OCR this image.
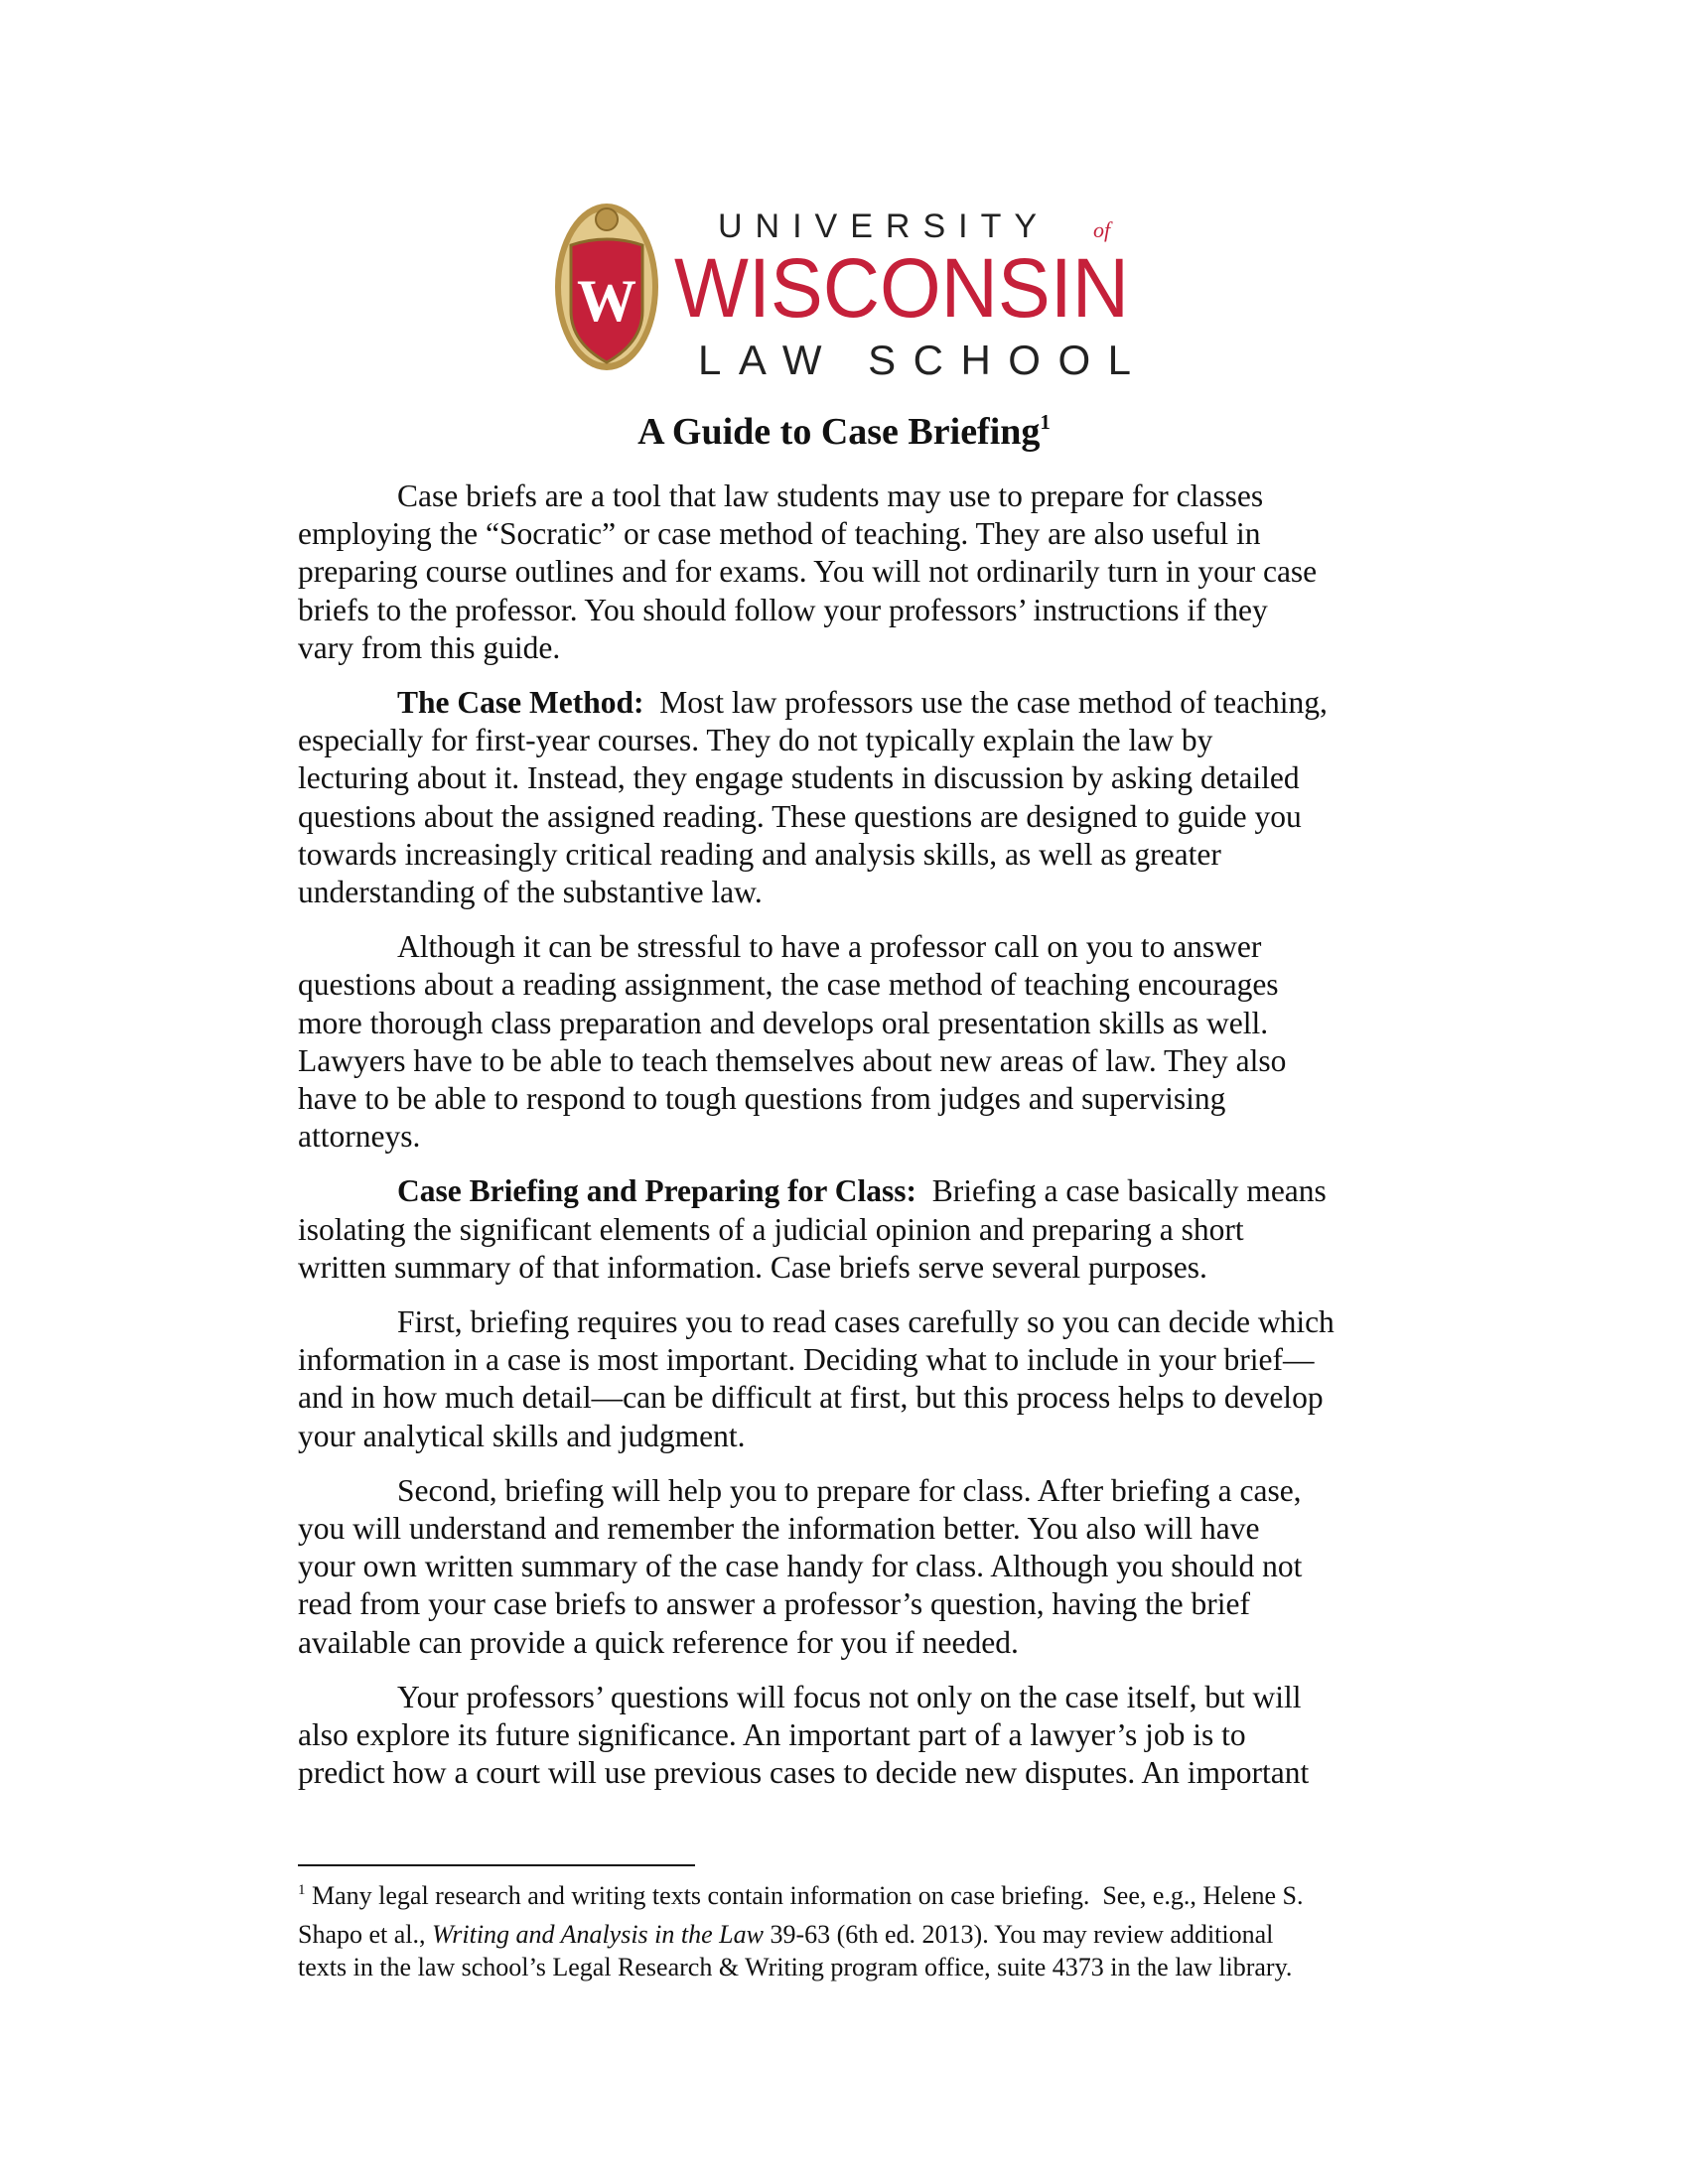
W
UNIVERSITY of
WISCONSIN
LAW SCHOOL
A Guide to Case Briefing$^1$

Case briefs are a tool that law students may use to prepare for classes
employing the “Socratic” or case method of teaching. They are also useful in
preparing course outlines and for exams. You will not ordinarily turn in your case
briefs to the professor. You should follow your professors’ instructions if they
vary from this guide.

The Case Method:  Most law professors use the case method of teaching,
especially for first-year courses. They do not typically explain the law by
lecturing about it. Instead, they engage students in discussion by asking detailed
questions about the assigned reading. These questions are designed to guide you
towards increasingly critical reading and analysis skills, as well as greater
understanding of the substantive law.

Although it can be stressful to have a professor call on you to answer
questions about a reading assignment, the case method of teaching encourages
more thorough class preparation and develops oral presentation skills as well.
Lawyers have to be able to teach themselves about new areas of law. They also
have to be able to respond to tough questions from judges and supervising
attorneys.

Case Briefing and Preparing for Class:  Briefing a case basically means
isolating the significant elements of a judicial opinion and preparing a short
written summary of that information. Case briefs serve several purposes.

First, briefing requires you to read cases carefully so you can decide which
information in a case is most important. Deciding what to include in your brief—
and in how much detail—can be difficult at first, but this process helps to develop
your analytical skills and judgment.

Second, briefing will help you to prepare for class. After briefing a case,
you will understand and remember the information better. You also will have
your own written summary of the case handy for class. Although you should not
read from your case briefs to answer a professor’s question, having the brief
available can provide a quick reference for you if needed.

Your professors’ questions will focus not only on the case itself, but will
also explore its future significance. An important part of a lawyer’s job is to
predict how a court will use previous cases to decide new disputes. An important

$^1$ Many legal research and writing texts contain information on case briefing.  See, e.g., Helene S.
Shapo et al., Writing and Analysis in the Law 39-63 (6th ed. 2013). You may review additional
texts in the law school’s Legal Research & Writing program office, suite 4373 in the law library.
